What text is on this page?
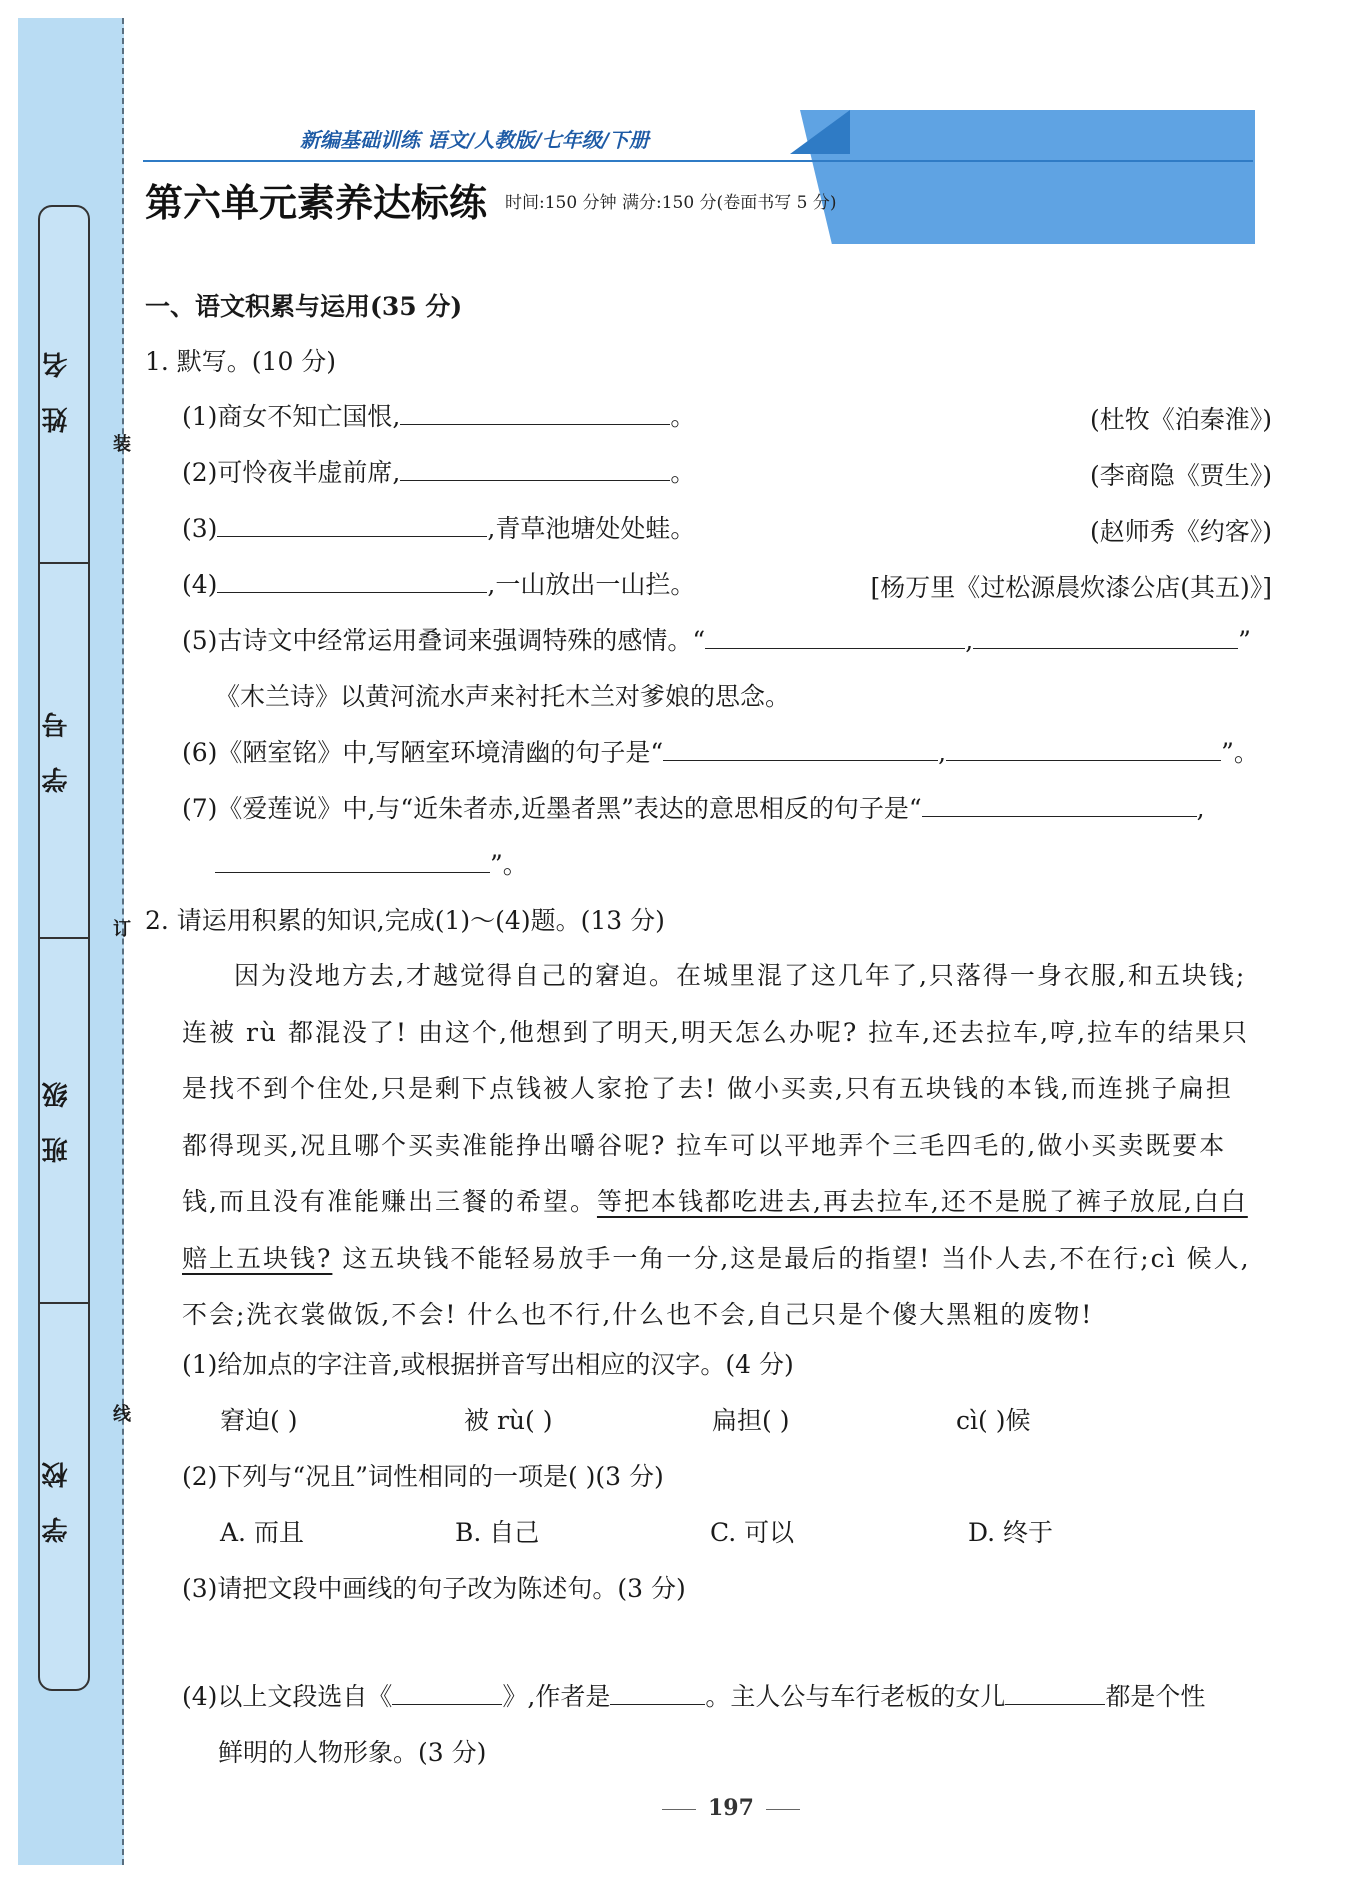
姓 名
学 号
班 级
学 校
装
订
线
新编基础训练 语文/人教版/七年级/下册
第六单元素养达标练 时间:150 分钟 满分:150 分(卷面书写 5 分)
一、语文积累与运用(35 分)
1. 默写。(10 分)
(1)商女不知亡国恨,	。	(杜牧《泊秦淮》)
(2)可怜夜半虚前席,	。	(李商隐《贾生》)
(3)	,青草池塘处处蛙。	(赵师秀《约客》)
(4)	,一山放出一山拦。	[杨万里《过松源晨炊漆公店(其五)》]
(5)古诗文中经常运用叠词来强调特殊的感情。“	,	”
《木兰诗》以黄河流水声来衬托木兰对爹娘的思念。
(6)《陋室铭》中,写陋室环境清幽的句子是“	,	”。
(7)《爱莲说》中,与“近朱者赤,近墨者黑”表达的意思相反的句子是“	,
”。
2. 请运用积累的知识,完成(1)～(4)题。(13 分)
因为没地方去,才越觉得自己的窘 •迫。在城里混了这几年了,只落得一身衣服,和五块钱;
连被 rù 都混没了! 由这个,他想到了明天,明天怎么办呢? 拉车,还去拉车,哼,拉车的结果只
是找不到个住处,只是剩下点钱被人家抢了去! 做小买卖,只有五块钱的本钱,而连挑子扁 •担
都得现买,况且哪个买卖准能挣出嚼谷呢? 拉车可以平地弄个三毛四毛的,做小买卖既要本
钱,而且没有准能赚出三餐的希望。等把本钱都吃进去,再去拉车,还不是脱了裤子放屁,白白
赔上五块钱? 这五块钱不能轻易放手一角一分,这是最后的指望! 当仆人去,不在行;cì 候人,
不会;洗衣裳做饭,不会! 什么也不行,什么也不会,自己只是个傻大黑粗的废物!
(1)给加点的字注音,或根据拼音写出相应的汉字。(4 分)
窘迫( )	被 rù( )	扁担( )	cì( )候
(2)下列与“况且”词性相同的一项是( )(3 分)
A. 而且	B. 自己	C. 可以	D. 终于
(3)请把文段中画线的句子改为陈述句。(3 分)
(4)以上文段选自《	》,作者是	。主人公与车行老板的女儿	都是个性
鲜明的人物形象。(3 分)
197
